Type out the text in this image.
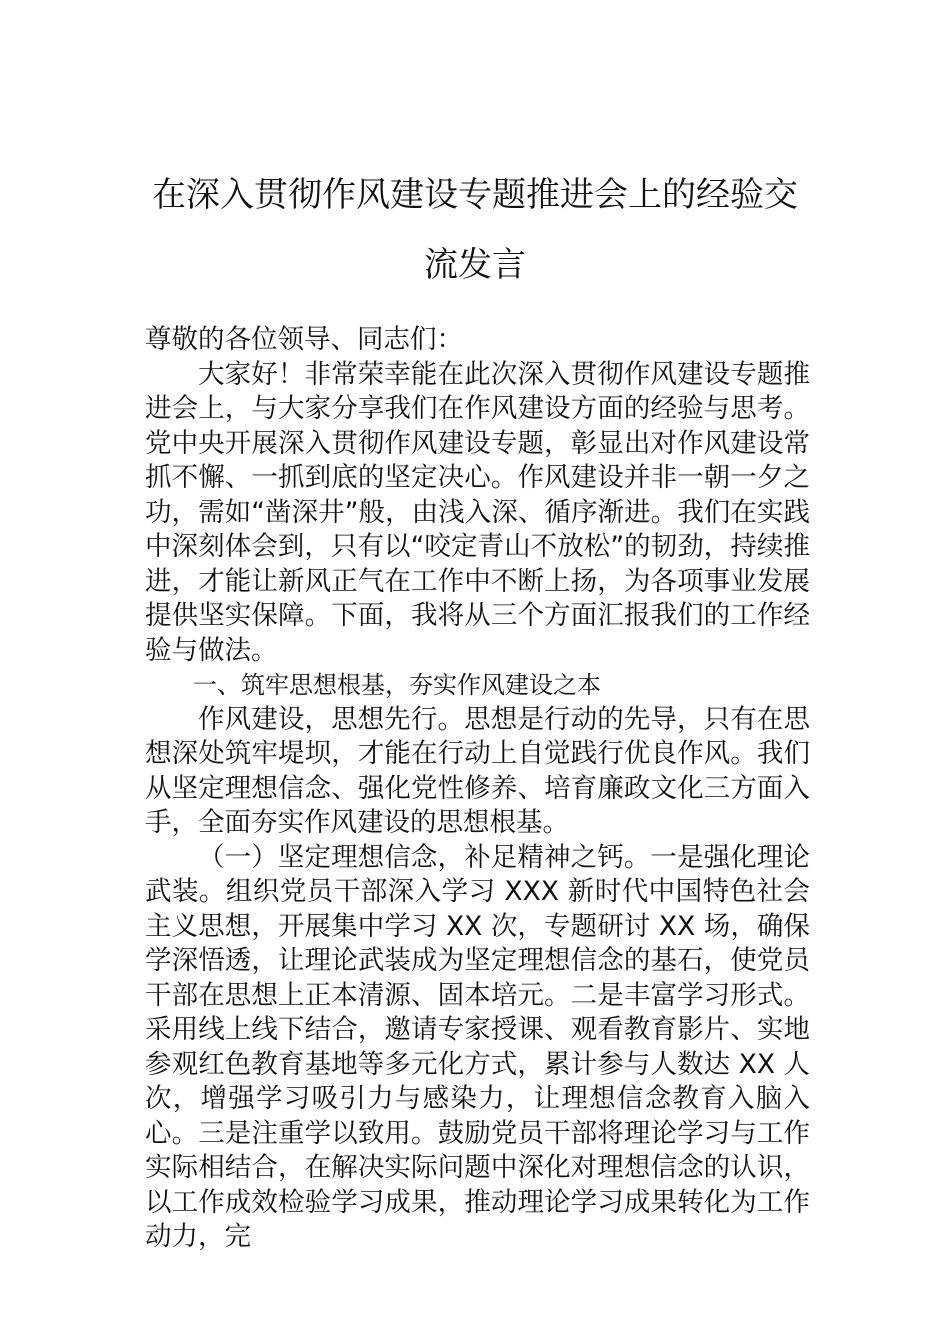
在深入贯彻作风建设专题推进会上的经验交流发言

尊敬的各位领导、同志们：

大家好！非常荣幸能在此次深入贯彻作风建设专题推进会上，与大家分享我们在作风建设方面的经验与思考。党中央开展深入贯彻作风建设专题，彰显出对作风建设常抓不懈、一抓到底的坚定决心。作风建设并非一朝一夕之功，需如“凿深井”般，由浅入深、循序渐进。我们在实践中深刻体会到，只有以“咬定青山不放松”的韧劲，持续推进，才能让新风正气在工作中不断上扬，为各项事业发展提供坚实保障。下面，我将从三个方面汇报我们的工作经验与做法。

一、筑牢思想根基，夯实作风建设之本

作风建设，思想先行。思想是行动的先导，只有在思想深处筑牢堤坝，才能在行动上自觉践行优良作风。我们从坚定理想信念、强化党性修养、培育廉政文化三方面入手，全面夯实作风建设的思想根基。

（一）坚定理想信念，补足精神之钙。一是强化理论武装。组织党员干部深入学习 XXX 新时代中国特色社会主义思想，开展集中学习 XX 次，专题研讨 XX 场，确保学深悟透，让理论武装成为坚定理想信念的基石，使党员干部在思想上正本清源、固本培元。二是丰富学习形式。采用线上线下结合，邀请专家授课、观看教育影片、实地参观红色教育基地等多元化方式，累计参与人数达 XX 人次，增强学习吸引力与感染力，让理想信念教育入脑入心。三是注重学以致用。鼓励党员干部将理论学习与工作实际相结合，在解决实际问题中深化对理想信念的认识，以工作成效检验学习成果，推动理论学习成果转化为工作动力，完
